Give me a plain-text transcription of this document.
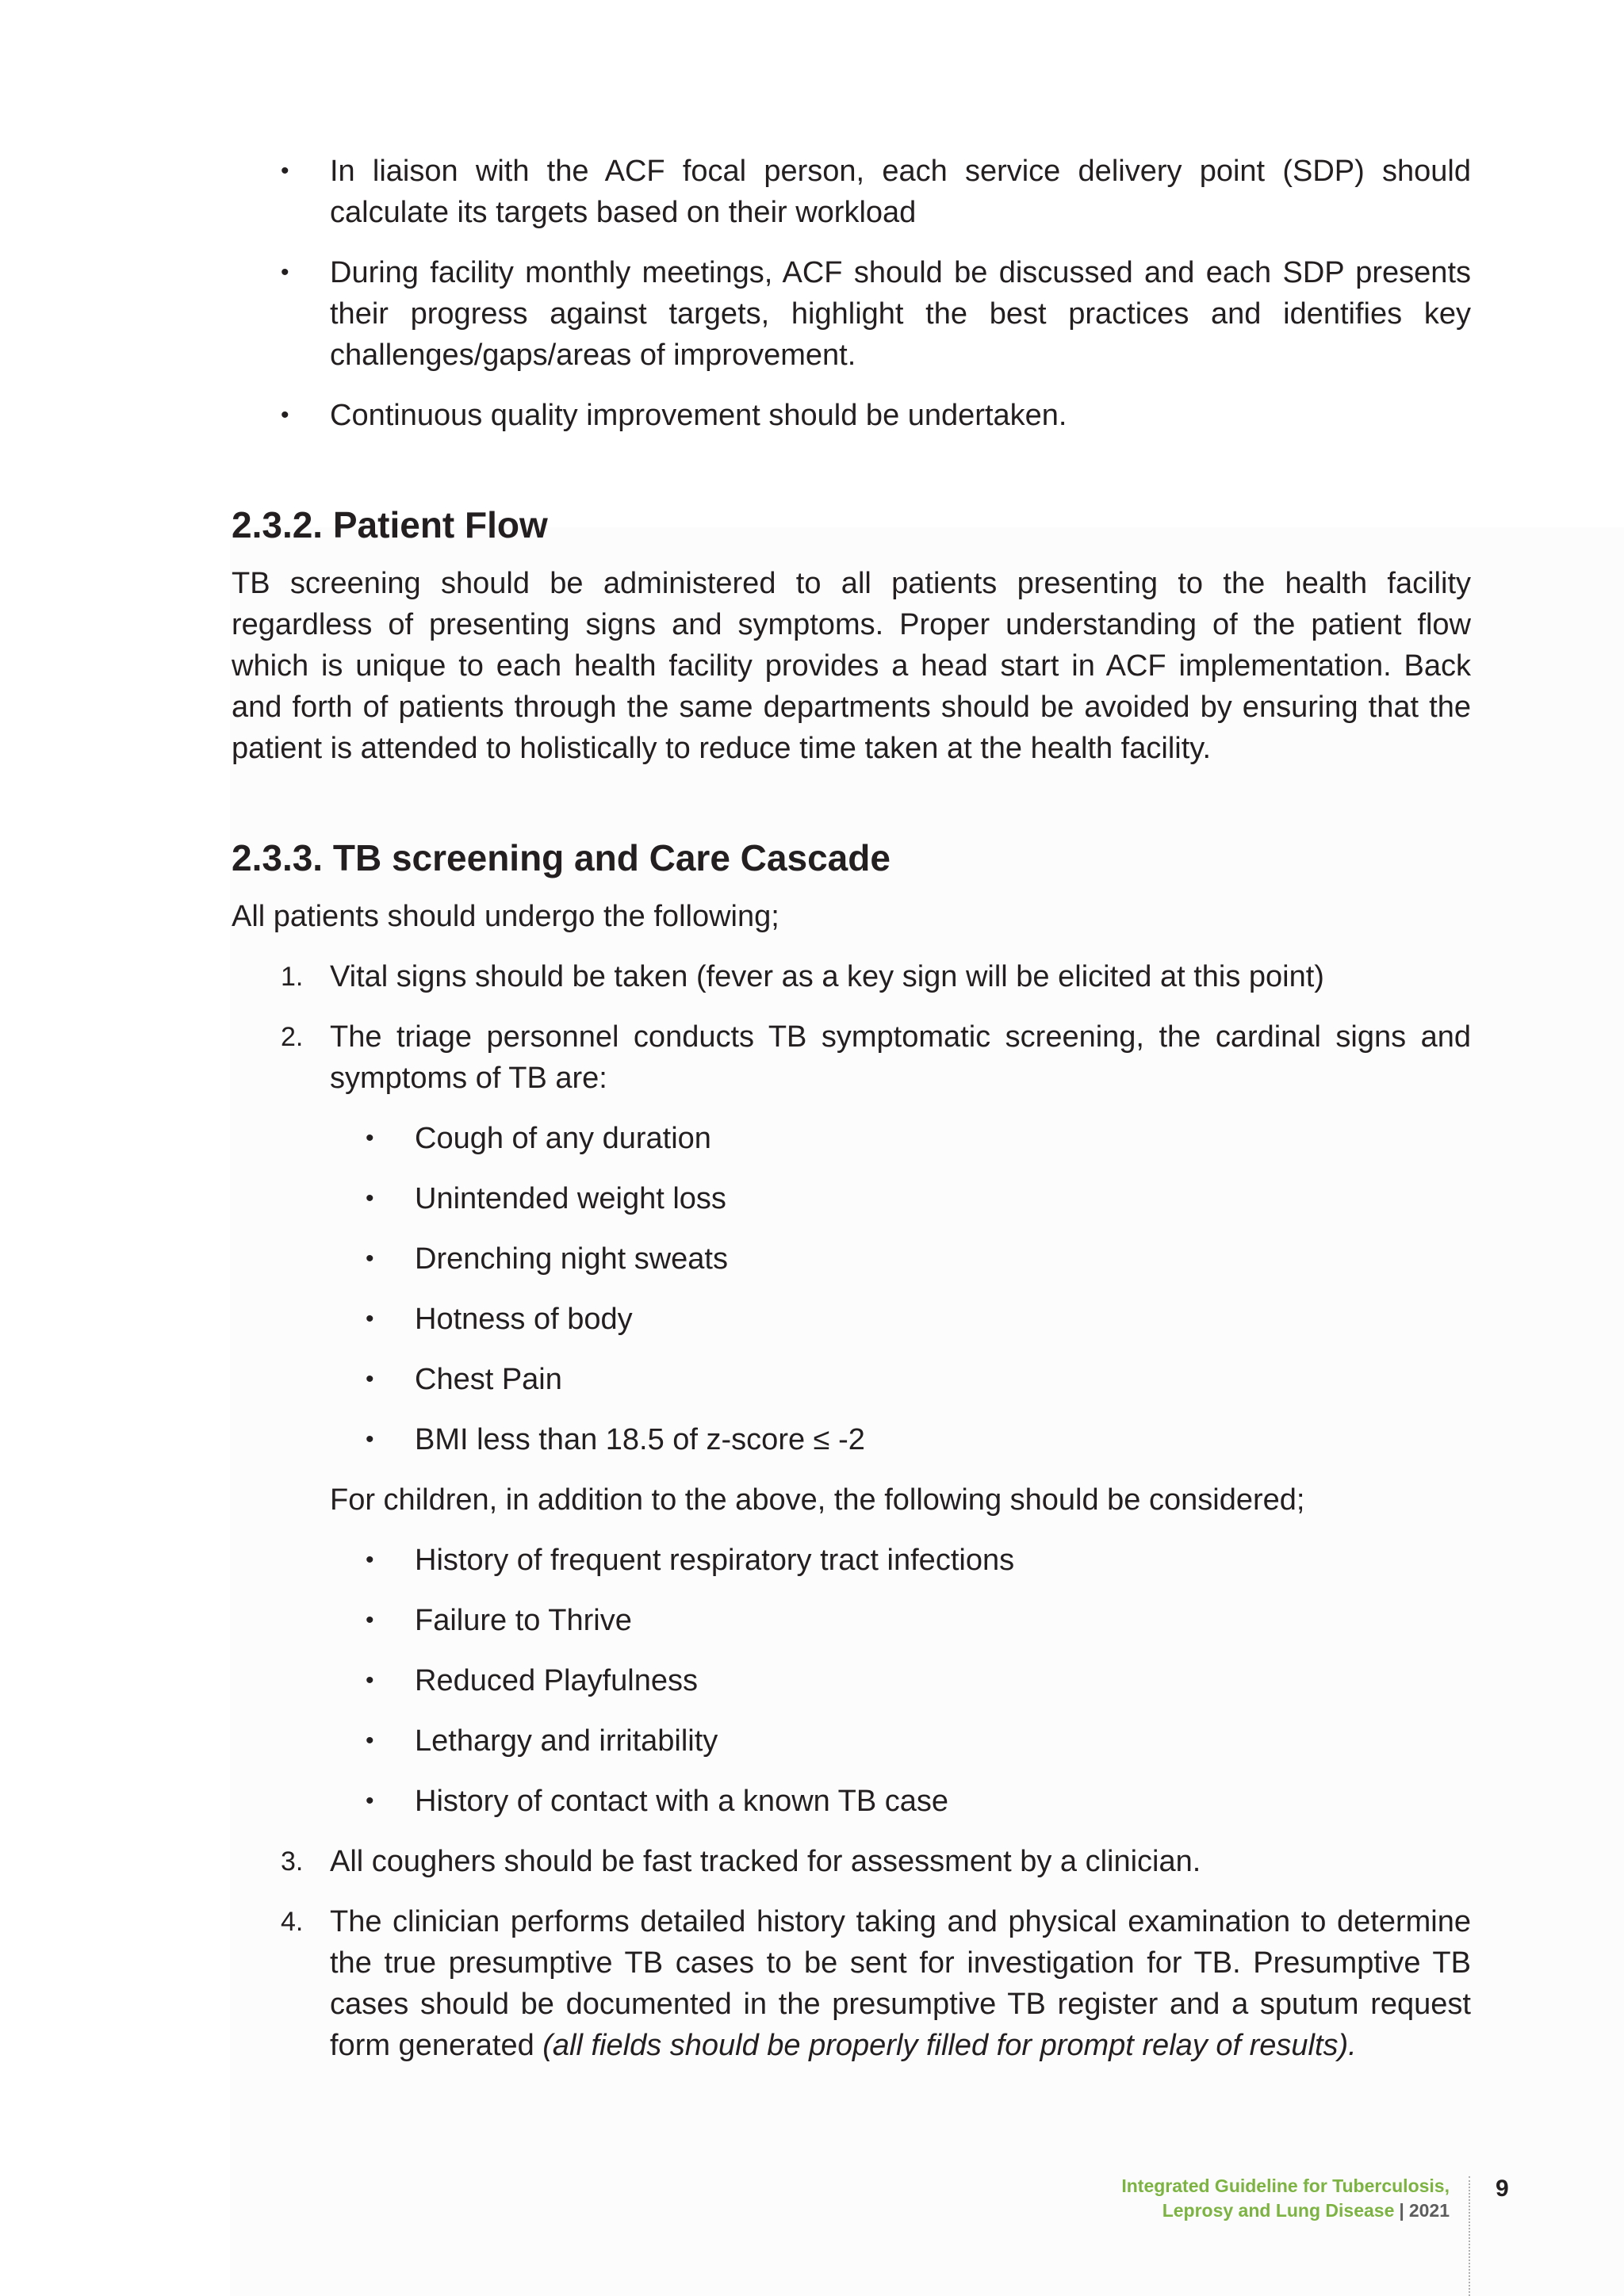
• In liaison with the ACF focal person, each service delivery point (SDP) should calculate its targets based on their workload
• During facility monthly meetings, ACF should be discussed and each SDP presents their progress against targets, highlight the best practices and identifies key challenges/gaps/areas of improvement.
• Continuous quality improvement should be undertaken.
2.3.2. Patient Flow

TB screening should be administered to all patients presenting to the health facility regardless of presenting signs and symptoms. Proper understanding of the patient flow which is unique to each health facility provides a head start in ACF implementation. Back and forth of patients through the same departments should be avoided by ensuring that the patient is attended to holistically to reduce time taken at the health facility.

2.3.3. TB screening and Care Cascade

All patients should undergo the following;

1. Vital signs should be taken (fever as a key sign will be elicited at this point)
2. The triage personnel conducts TB symptomatic screening, the cardinal signs and symptoms of TB are:
• Cough of any duration
• Unintended weight loss
• Drenching night sweats
• Hotness of body
• Chest Pain
• BMI less than 18.5 of z-score ≤ -2

For children, in addition to the above, the following should be considered;

• History of frequent respiratory tract infections
• Failure to Thrive
• Reduced Playfulness
• Lethargy and irritability
• History of contact with a known TB case
3. All coughers should be fast tracked for assessment by a clinician.
4. The clinician performs detailed history taking and physical examination to determine the true presumptive TB cases to be sent for investigation for TB. Presumptive TB cases should be documented in the presumptive TB register and a sputum request form generated (all fields should be properly filled for prompt relay of results).
Integrated Guideline for Tuberculosis,
Leprosy and Lung Disease | 2021
9
